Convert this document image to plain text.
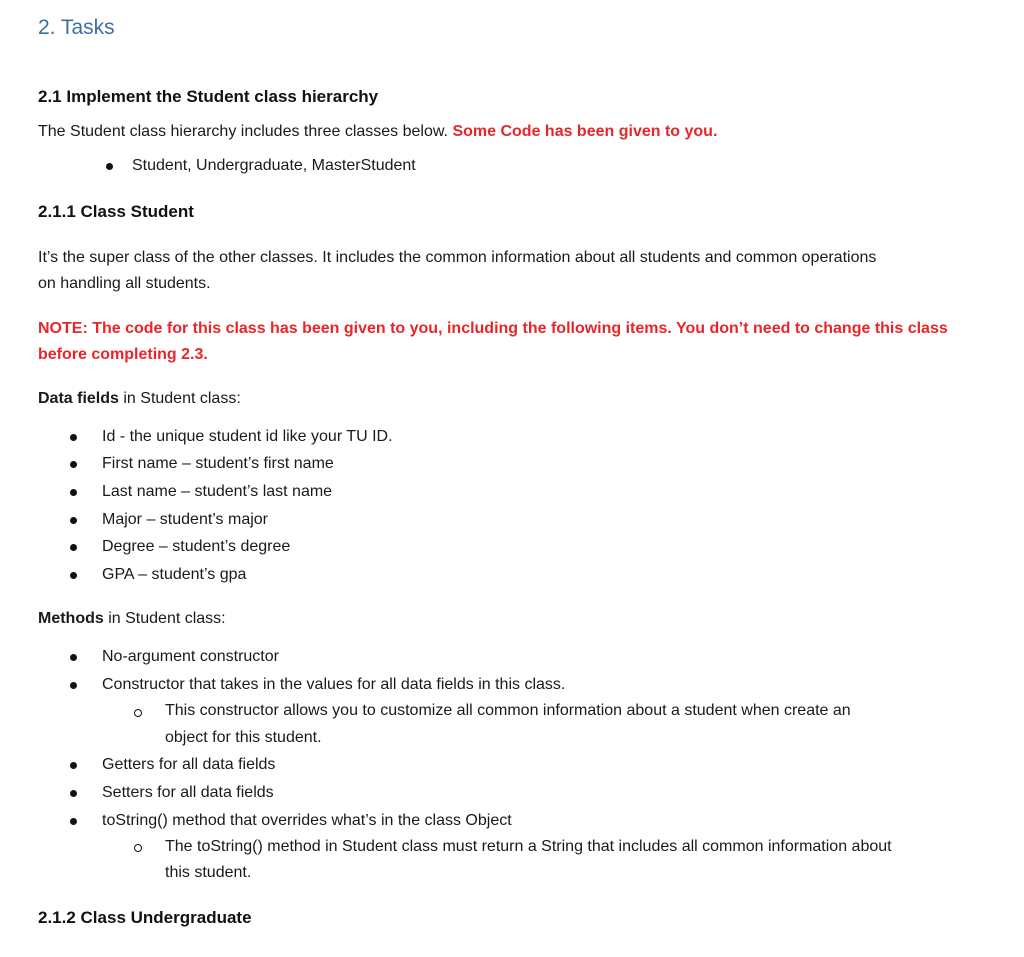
2. Tasks
2.1 Implement the Student class hierarchy
The Student class hierarchy includes three classes below. Some Code has been given to you.
Student, Undergraduate, MasterStudent
2.1.1 Class Student
It’s the super class of the other classes. It includes the common information about all students and common operations
on handling all students.
NOTE: The code for this class has been given to you, including the following items. You don’t need to change this class
before completing 2.3.
Data fields in Student class:
Id - the unique student id like your TU ID.
First name – student’s first name
Last name – student’s last name
Major – student’s major
Degree – student’s degree
GPA – student’s gpa
Methods in Student class:
No-argument constructor
Constructor that takes in the values for all data fields in this class.
This constructor allows you to customize all common information about a student when create an
object for this student.
Getters for all data fields
Setters for all data fields
toString() method that overrides what’s in the class Object
The toString() method in Student class must return a String that includes all common information about
this student.
2.1.2 Class Undergraduate
